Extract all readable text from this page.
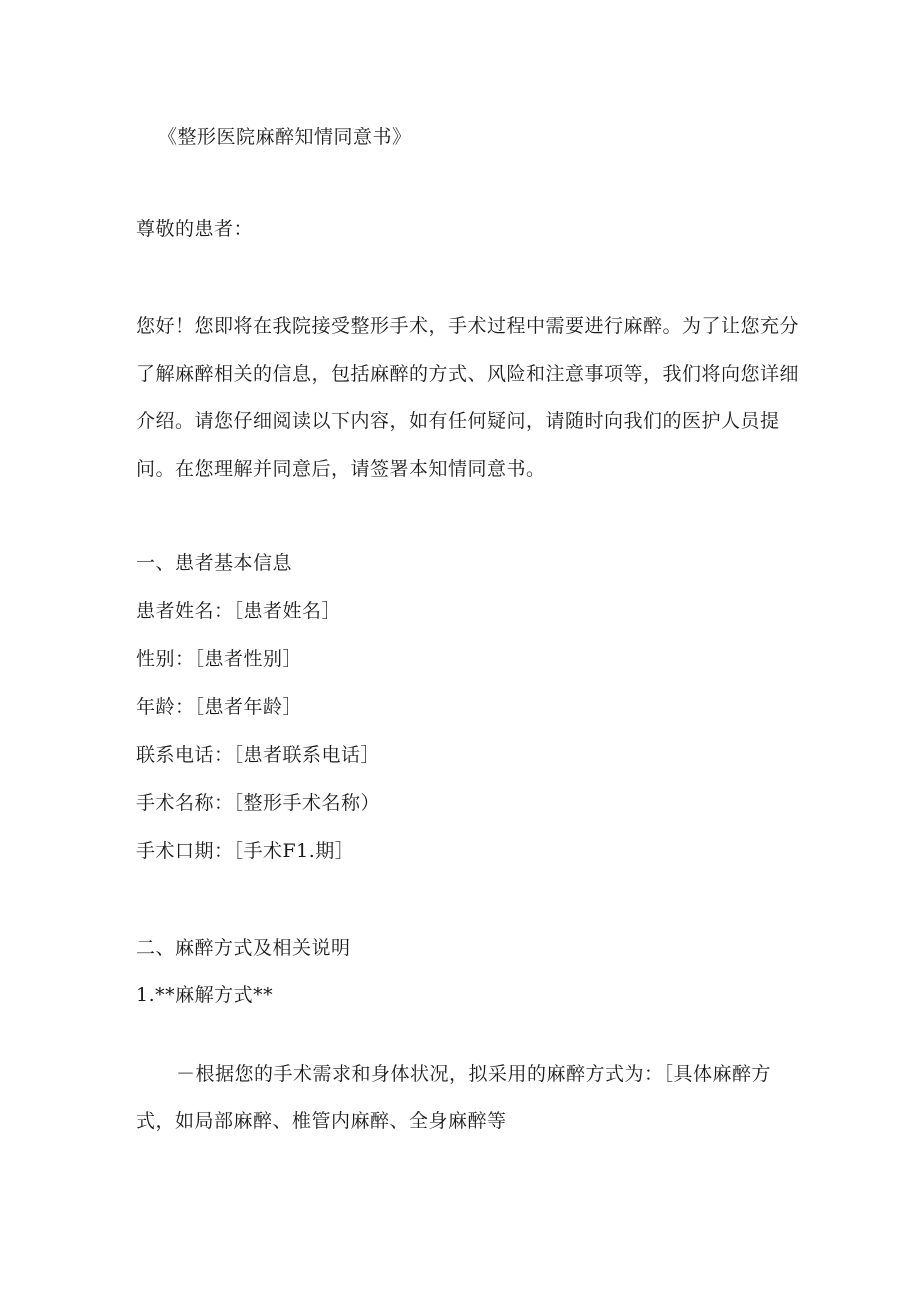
《整形医院麻醉知情同意书》
尊敬的患者：
您好！您即将在我院接受整形手术，手术过程中需要进行麻醉。为了让您充分
了解麻醉相关的信息，包括麻醉的方式、风险和注意事项等，我们将向您详细
介绍。请您仔细阅读以下内容，如有任何疑问，请随时向我们的医护人员提
问。在您理解并同意后，请签署本知情同意书。
一、患者基本信息
患者姓名：［患者姓名］
性别：［患者性别］
年龄：［患者年龄］
联系电话：［患者联系电话］
手术名称：［整形手术名称）
手术口期：［手术F1.期］
二、麻醉方式及相关说明
1.**麻解方式**
－根据您的手术需求和身体状况，拟采用的麻醉方式为：［具体麻醉方
式，如局部麻醉、椎管内麻醉、全身麻醉等
